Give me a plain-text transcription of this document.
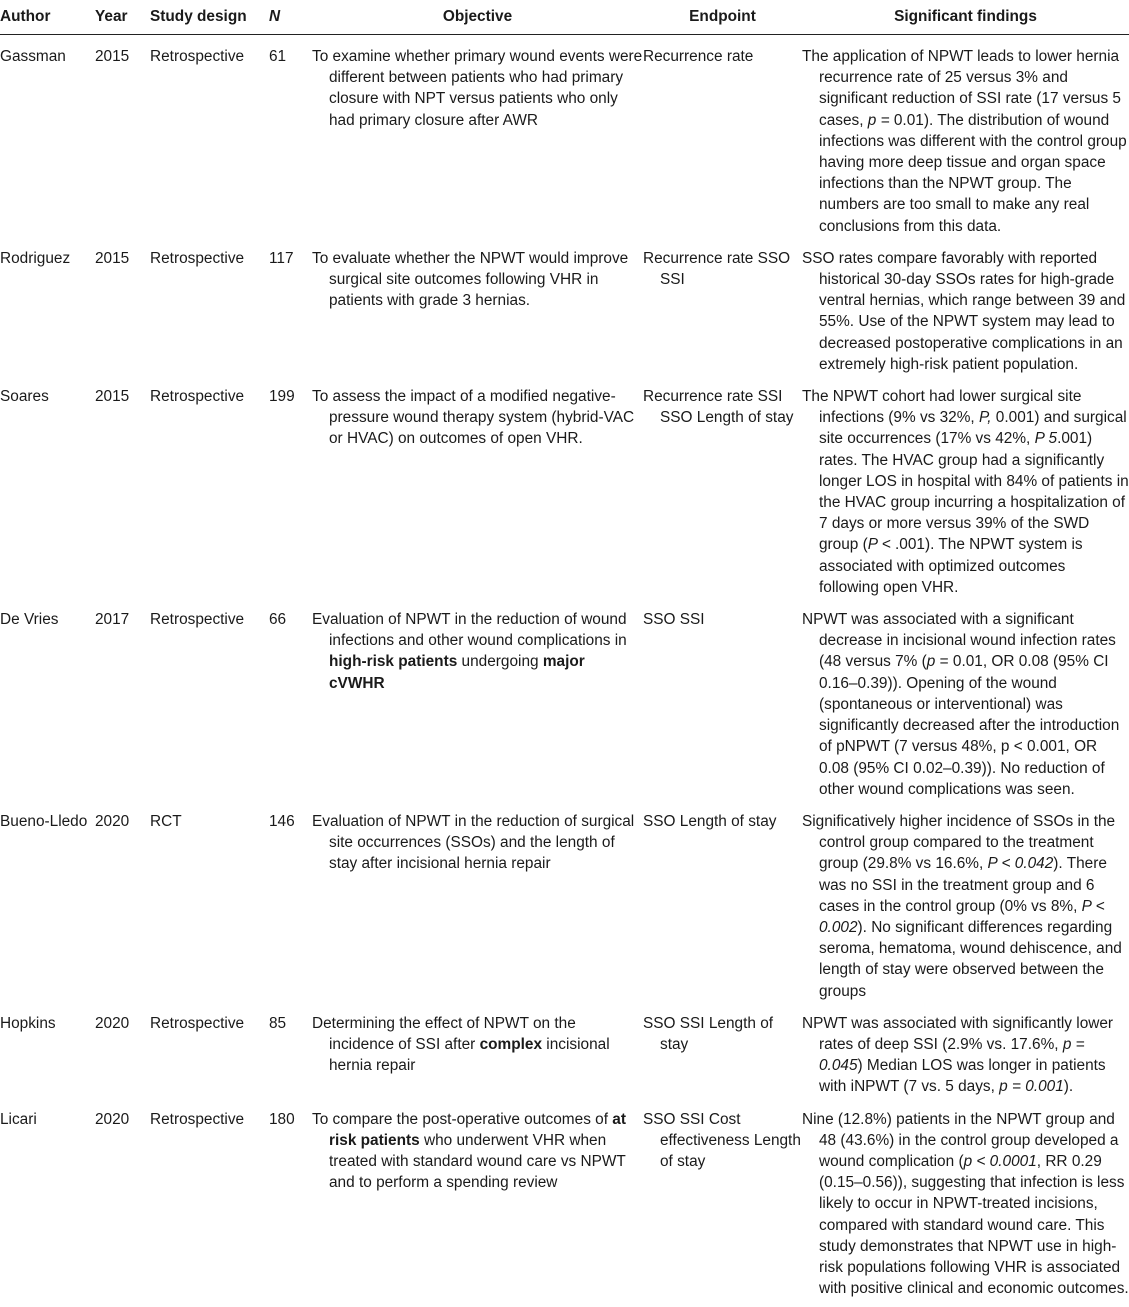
Author	Year	Study design	N	Objective	Endpoint	Significant findings
Gassman	2015	Retrospective	61	To examine whether primary wound events were different between patients who had primary closure with NPT versus patients who only had primary closure after AWR	Recurrence rate	The application of NPWT leads to lower hernia recurrence rate of 25 versus 3% and significant reduction of SSI rate (17 versus 5 cases, p = 0.01). The distribution of wound infections was different with the control group having more deep tissue and organ space infections than the NPWT group. The numbers are too small to make any real conclusions from this data.
Rodriguez	2015	Retrospective	117	To evaluate whether the NPWT would improve surgical site outcomes following VHR in patients with grade 3 hernias.	Recurrence rate SSO SSI	SSO rates compare favorably with reported historical 30-day SSOs rates for high-grade ventral hernias, which range between 39 and 55%. Use of the NPWT system may lead to decreased postoperative complications in an extremely high-risk patient population.
Soares	2015	Retrospective	199	To assess the impact of a modified negative-pressure wound therapy system (hybrid-VAC or HVAC) on outcomes of open VHR.	Recurrence rate SSI SSO Length of stay	The NPWT cohort had lower surgical site infections (9% vs 32%, P, 0.001) and surgical site occurrences (17% vs 42%, P 5.001) rates. The HVAC group had a significantly longer LOS in hospital with 84% of patients in the HVAC group incurring a hospitalization of 7 days or more versus 39% of the SWD group (P < .001). The NPWT system is associated with optimized outcomes following open VHR.
De Vries	2017	Retrospective	66	Evaluation of NPWT in the reduction of wound infections and other wound complications in high-risk patients undergoing major cVWHR	SSO SSI	NPWT was associated with a significant decrease in incisional wound infection rates (48 versus 7% (p = 0.01, OR 0.08 (95% CI 0.16–0.39)). Opening of the wound (spontaneous or interventional) was significantly decreased after the introduction of pNPWT (7 versus 48%, p < 0.001, OR 0.08 (95% CI 0.02–0.39)). No reduction of other wound complications was seen.
Bueno-Lledo	2020	RCT	146	Evaluation of NPWT in the reduction of surgical site occurrences (SSOs) and the length of stay after incisional hernia repair	SSO Length of stay	Significatively higher incidence of SSOs in the control group compared to the treatment group (29.8% vs 16.6%, P < 0.042). There was no SSI in the treatment group and 6 cases in the control group (0% vs 8%, P < 0.002). No significant differences regarding seroma, hematoma, wound dehiscence, and length of stay were observed between the groups
Hopkins	2020	Retrospective	85	Determining the effect of NPWT on the incidence of SSI after complex incisional hernia repair	SSO SSI Length of stay	NPWT was associated with significantly lower rates of deep SSI (2.9% vs. 17.6%, p = 0.045) Median LOS was longer in patients with iNPWT (7 vs. 5 days, p = 0.001).
Licari	2020	Retrospective	180	To compare the post-operative outcomes of at risk patients who underwent VHR when treated with standard wound care vs NPWT and to perform a spending review	SSO SSI Cost effectiveness Length of stay	Nine (12.8%) patients in the NPWT group and 48 (43.6%) in the control group developed a wound complication (p < 0.0001, RR 0.29 (0.15–0.56)), suggesting that infection is less likely to occur in NPWT-treated incisions, compared with standard wound care. This study demonstrates that NPWT use in high-risk populations following VHR is associated with positive clinical and economic outcomes.
